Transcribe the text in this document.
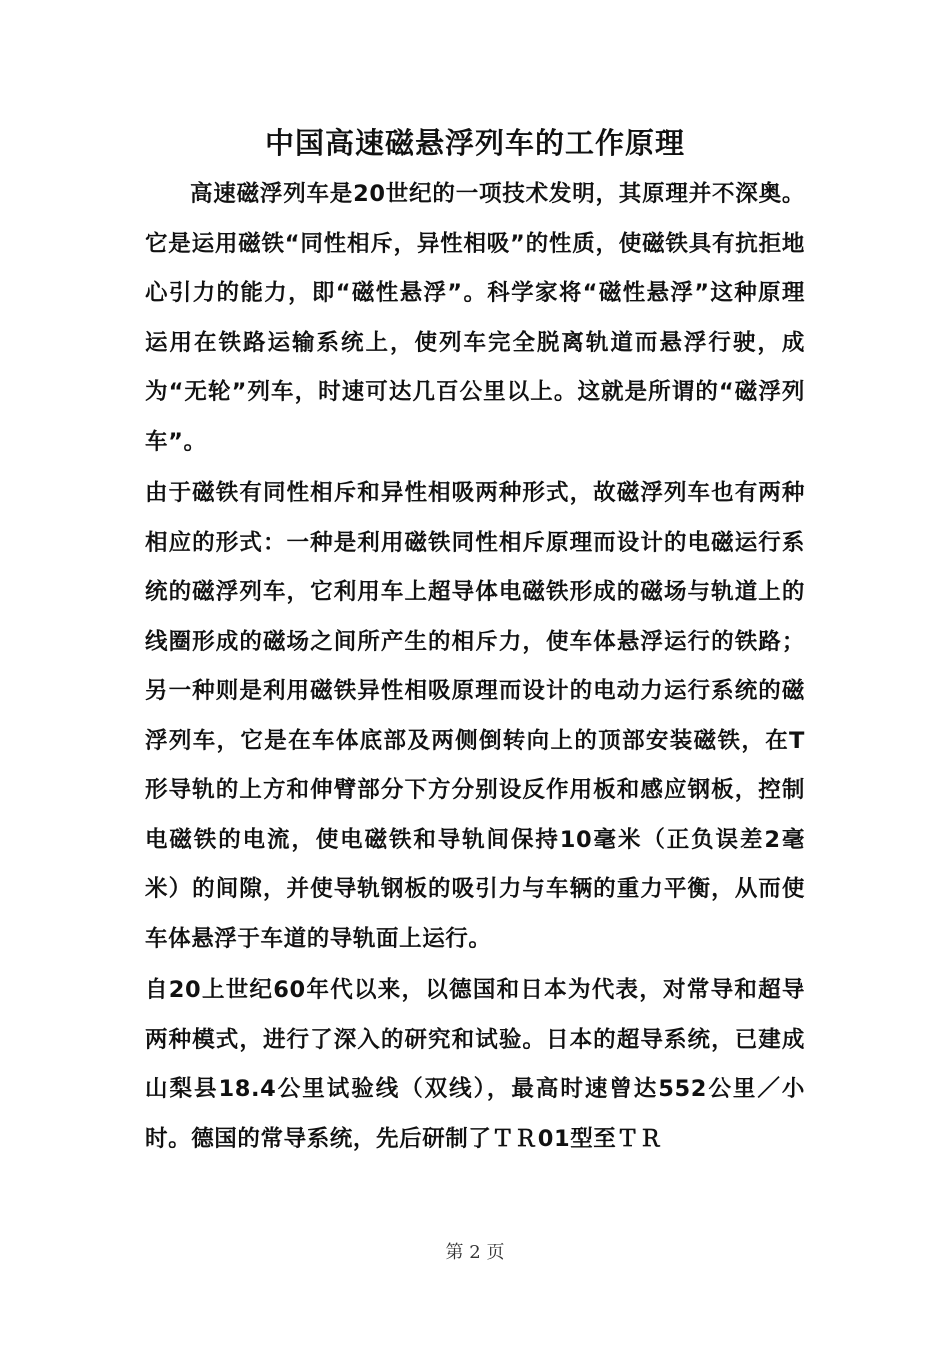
中国高速磁悬浮列车的工作原理

高速磁浮列车是20世纪的一项技术发明，其原理并不深奥。它是运用磁铁“同性相斥，异性相吸”的性质，使磁铁具有抗拒地心引力的能力，即“磁性悬浮”。科学家将“磁性悬浮”这种原理运用在铁路运输系统上，使列车完全脱离轨道而悬浮行驶，成为“无轮”列车，时速可达几百公里以上。这就是所谓的“磁浮列车”。

由于磁铁有同性相斥和异性相吸两种形式，故磁浮列车也有两种相应的形式：一种是利用磁铁同性相斥原理而设计的电磁运行系统的磁浮列车，它利用车上超导体电磁铁形成的磁场与轨道上的线圈形成的磁场之间所产生的相斥力，使车体悬浮运行的铁路；另一种则是利用磁铁异性相吸原理而设计的电动力运行系统的磁浮列车，它是在车体底部及两侧倒转向上的顶部安装磁铁，在T形导轨的上方和伸臂部分下方分别设反作用板和感应钢板，控制电磁铁的电流，使电磁铁和导轨间保持10毫米（正负误差2毫米）的间隙，并使导轨钢板的吸引力与车辆的重力平衡，从而使车体悬浮于车道的导轨面上运行。

自20上世纪60年代以来，以德国和日本为代表，对常导和超导两种模式，进行了深入的研究和试验。日本的超导系统，已建成山梨县18.4公里试验线（双线），最高时速曾达552公里／小时。德国的常导系统，先后研制了ＴＲ01型至ＴＲ

第 2 页
